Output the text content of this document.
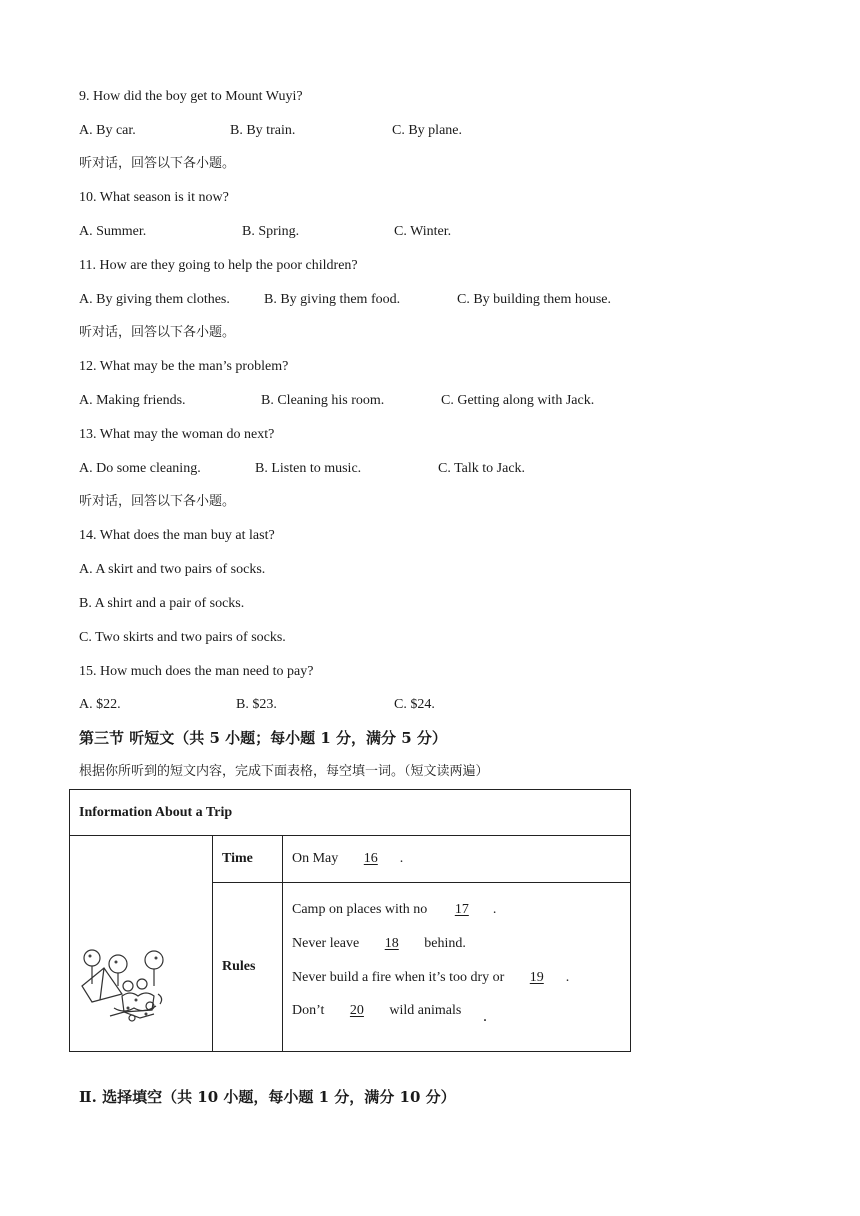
9. How did the boy get to Mount Wuyi?
A. By car.	B. By train.	C. By plane.
听对话，回答以下各小题。
10. What season is it now?
A. Summer.	B. Spring.	C. Winter.
11. How are they going to help the poor children?
A. By giving them clothes. B. By giving them food.	C. By building them house.
听对话，回答以下各小题。
12. What may be the man’s problem?
A. Making friends.	B. Cleaning his room.	C. Getting along with Jack.
13. What may the woman do next?
A. Do some cleaning.	B. Listen to music.	C. Talk to Jack.
听对话，回答以下各小题。
14. What does the man buy at last?
A. A skirt and two pairs of socks.
B. A shirt and a pair of socks.
C. Two skirts and two pairs of socks.
15. How much does the man need to pay?
A. $22.	B. $23.	C. $24.
第三节 听短文（共 5 小题；每小题 1 分，满分 5 分）
根据你所听到的短文内容，完成下面表格，每空填一词。（短文读两遍）
Information About a Trip		
	Time	On May 16 .
	Rules	Camp on places with no 17 .
Never leave 18 behind.
Never build a fire when it’s too dry or 19 .
Don’t 20 wild animals .
Ⅱ. 选择填空（共 10 小题，每小题 1 分，满分 10 分）
